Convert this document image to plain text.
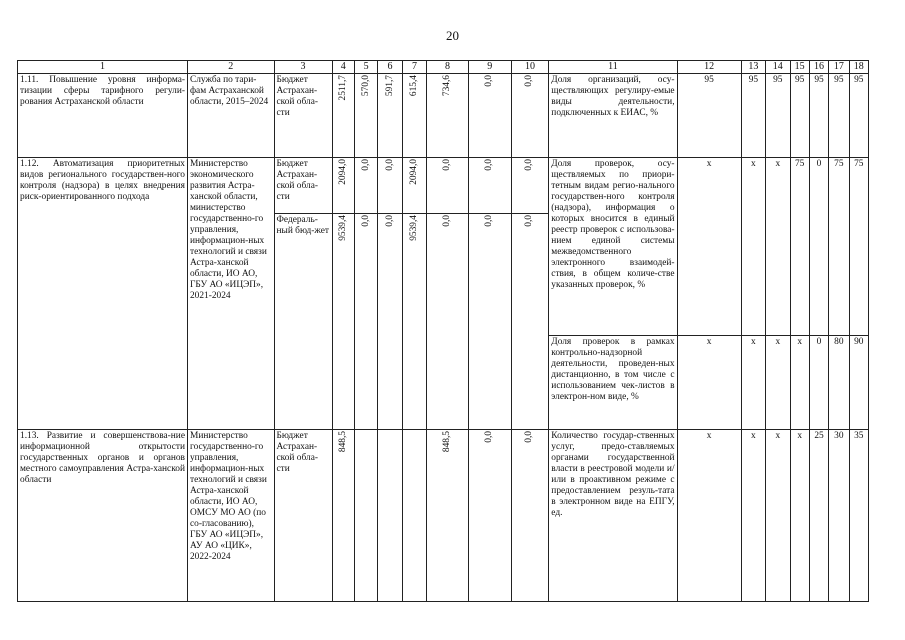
20
1	2	3	4	5	6	7	8	9	10	11	12	13	14	15	16	17	18
1.11. Повышение уровня информа-тизации сферы тарифного регули-рования Астраханской области	Служба по тари-фам Астраханской области, 2015–2024	Бюджет Астрахан-ской обла-сти	2511,7	570,0	591,7	615,4	734,6	0,0	0,0	Доля организаций, осу-ществляющих регулиру-емые виды деятельности, подключенных к ЕИАС, %	95	95	95	95	95	95	95
1.12. Автоматизация приоритетных видов регионального государствен-ного контроля (надзора) в целях внедрения риск-ориентированного подхода	Министерство экономического развития Астра-ханской области, министерство государственно-го управления, информацион-ных технологий и связи Астра-ханской области, ИО АО, ГБУ АО «ИЦЭП», 2021-2024	Бюджет Астрахан-ской обла-сти	2094,0	0,0	0,0	2094,0	0,0	0,0	0,0	Доля проверок, осу-ществляемых по приори-тетным видам регио-нального государствен-ного контроля (надзора), информация о которых вносится в единый реестр проверок с использова-нием единой системы межведомственного электронного взаимодей-ствия, в общем количе-стве указанных проверок, %	x	x	x	75	0	75	75
		Федераль-ный бюд-жет	9539,4	0,0	0,0	9539,4	0,0	0,0	0,0								

										Доля проверок в рамках контрольно-надзорной деятельности, проведен-ных дистанционно, в том числе с использованием чек-листов в электрон-ном виде, %	x	x	x	x	0	80	90
1.13. Развитие и совершенствова-ние информационной открытости государственных органов и органов местного самоуправления Астра-ханской области	Министерство государственно-го управления, информацион-ных технологий и связи Астра-ханской области, ИО АО, ОМСУ МО АО (по со-гласованию), ГБУ АО «ИЦЭП», АУ АО «ЦИК», 2022-2024	Бюджет Астрахан-ской обла-сти	848,5				848,5	0,0	0,0	Количество государ-ственных услуг, предо-ставляемых органами государственной власти в реестровой модели и/или в проактивном режиме с предоставлением резуль-тата в электронном виде на ЕПГУ, ед.	x	x	x	x	25	30	35
